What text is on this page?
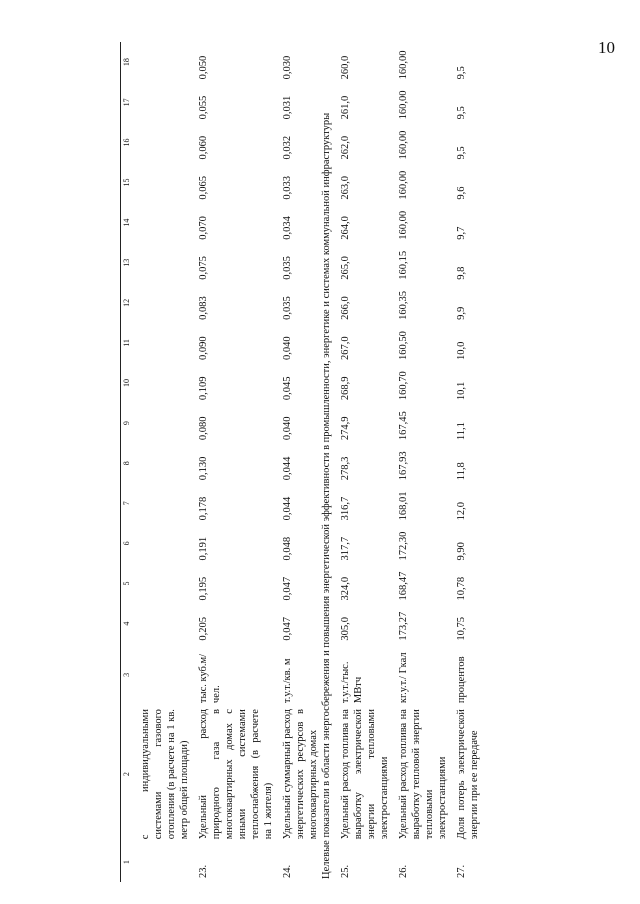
10
1	2	3	4	5	6	7	8	9	10	11	12	13	14	15	16	17	18
	с индивидуальными системами газового отопления (в расчете на 1 кв. метр общей площади)																
23.	Удельный расход природного газа в многоквартирных домах с иными системами теплоснабжения (в расчете на 1 жителя)	тыс. куб.м/ чел.	0,205	0,195	0,191	0,178	0,130	0,080	0,109	0,090	0,083	0,075	0,070	0,065	0,060	0,055	0,050
24.	Удельный суммарный расход энергетических ресурсов в многоквартирных домах	т.у.т./кв. м	0,047	0,047	0,048	0,044	0,044	0,040	0,045	0,040	0,035	0,035	0,034	0,033	0,032	0,031	0,030
Целевые показатели в области энергосбережения и повышения энергетической эффективности в промышленности, энергетике и системах коммунальной инфраструктуры																	
25.	Удельный расход топлива на выработку электрической энергии тепловыми электростанциями	т.у.т./тыс. МВтч	305,0	324,0	317,7	316,7	278,3	274,9	268,9	267,0	266,0	265,0	264,0	263,0	262,0	261,0	260,0
26.	Удельный расход топлива на выработку тепловой энергии тепловыми электростанциями	кг.у.т./ Гкал	173,27	168,47	172,30	168,01	167,93	167,45	160,70	160,50	160,35	160,15	160,00	160,00	160,00	160,00	160,00
27.	Доля потерь электрической энергии при ее передаче	процентов	10,75	10,78	9,90	12,0	11,8	11,1	10,1	10,0	9,9	9,8	9,7	9,6	9,5	9,5	9,5
